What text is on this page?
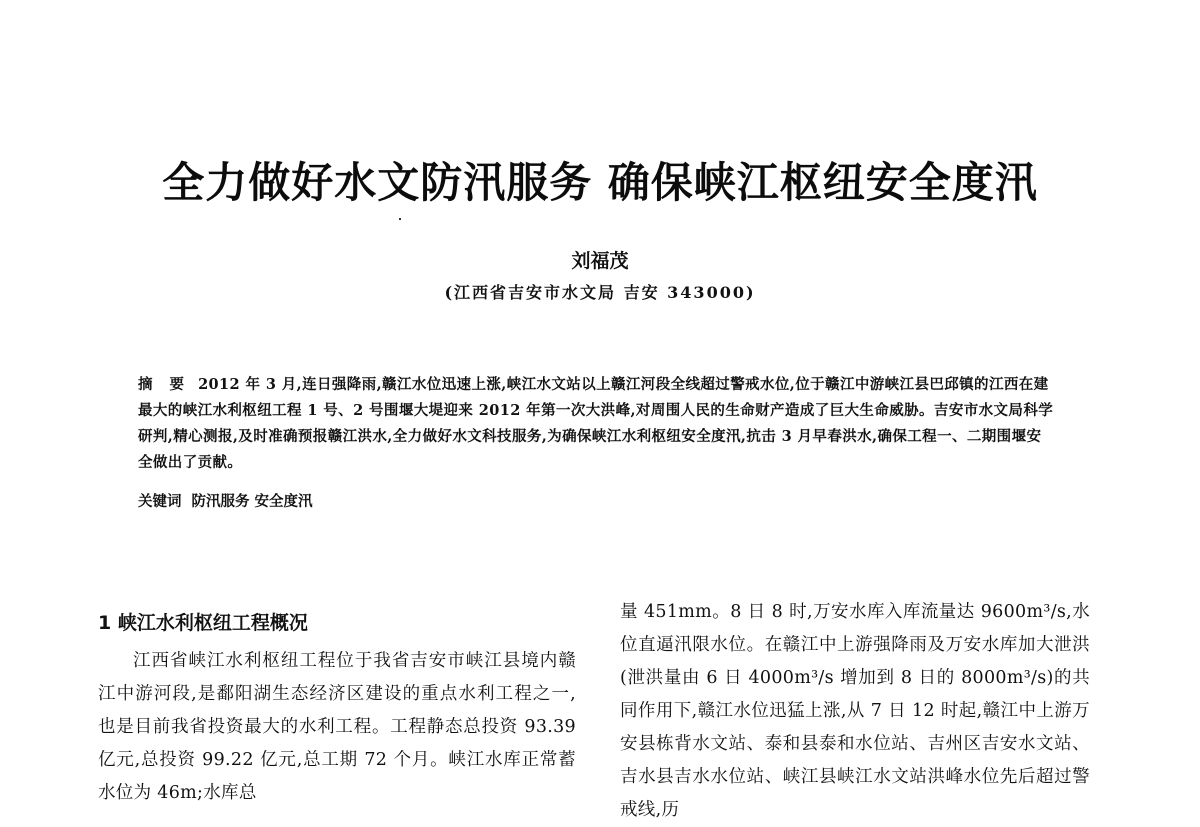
全力做好水文防汛服务 确保峡江枢纽安全度汛
刘福茂
(江西省吉安市水文局 吉安 343000)
摘 要 2012 年 3 月,连日强降雨,赣江水位迅速上涨,峡江水文站以上赣江河段全线超过警戒水位,位于赣江中游峡江县巴邱镇的江西在建最大的峡江水利枢纽工程 1 号、2 号围堰大堤迎来 2012 年第一次大洪峰,对周围人民的生命财产造成了巨大生命威胁。吉安市水文局科学研判,精心测报,及时准确预报赣江洪水,全力做好水文科技服务,为确保峡江水利枢纽安全度汛,抗击 3 月早春洪水,确保工程一、二期围堰安全做出了贡献。
关键词 防汛服务 安全度汛
1 峡江水利枢纽工程概况
江西省峡江水利枢纽工程位于我省吉安市峡江县境内赣江中游河段,是鄱阳湖生态经济区建设的重点水利工程之一, 也是目前我省投资最大的水利工程。工程静态总投资 93.39 亿元,总投资 99.22 亿元,总工期 72 个月。峡江水库正常蓄水位为 46m;水库总
量 451mm。8 日 8 时,万安水库入库流量达 9600m³/s,水位直逼汛限水位。在赣江中上游强降雨及万安水库加大泄洪(泄洪量由 6 日 4000m³/s 增加到 8 日的 8000m³/s)的共同作用下,赣江水位迅猛上涨,从 7 日 12 时起,赣江中上游万安县栋背水文站、泰和县泰和水位站、吉州区吉安水文站、吉水县吉水水位站、峡江县峡江水文站洪峰水位先后超过警戒线,历
